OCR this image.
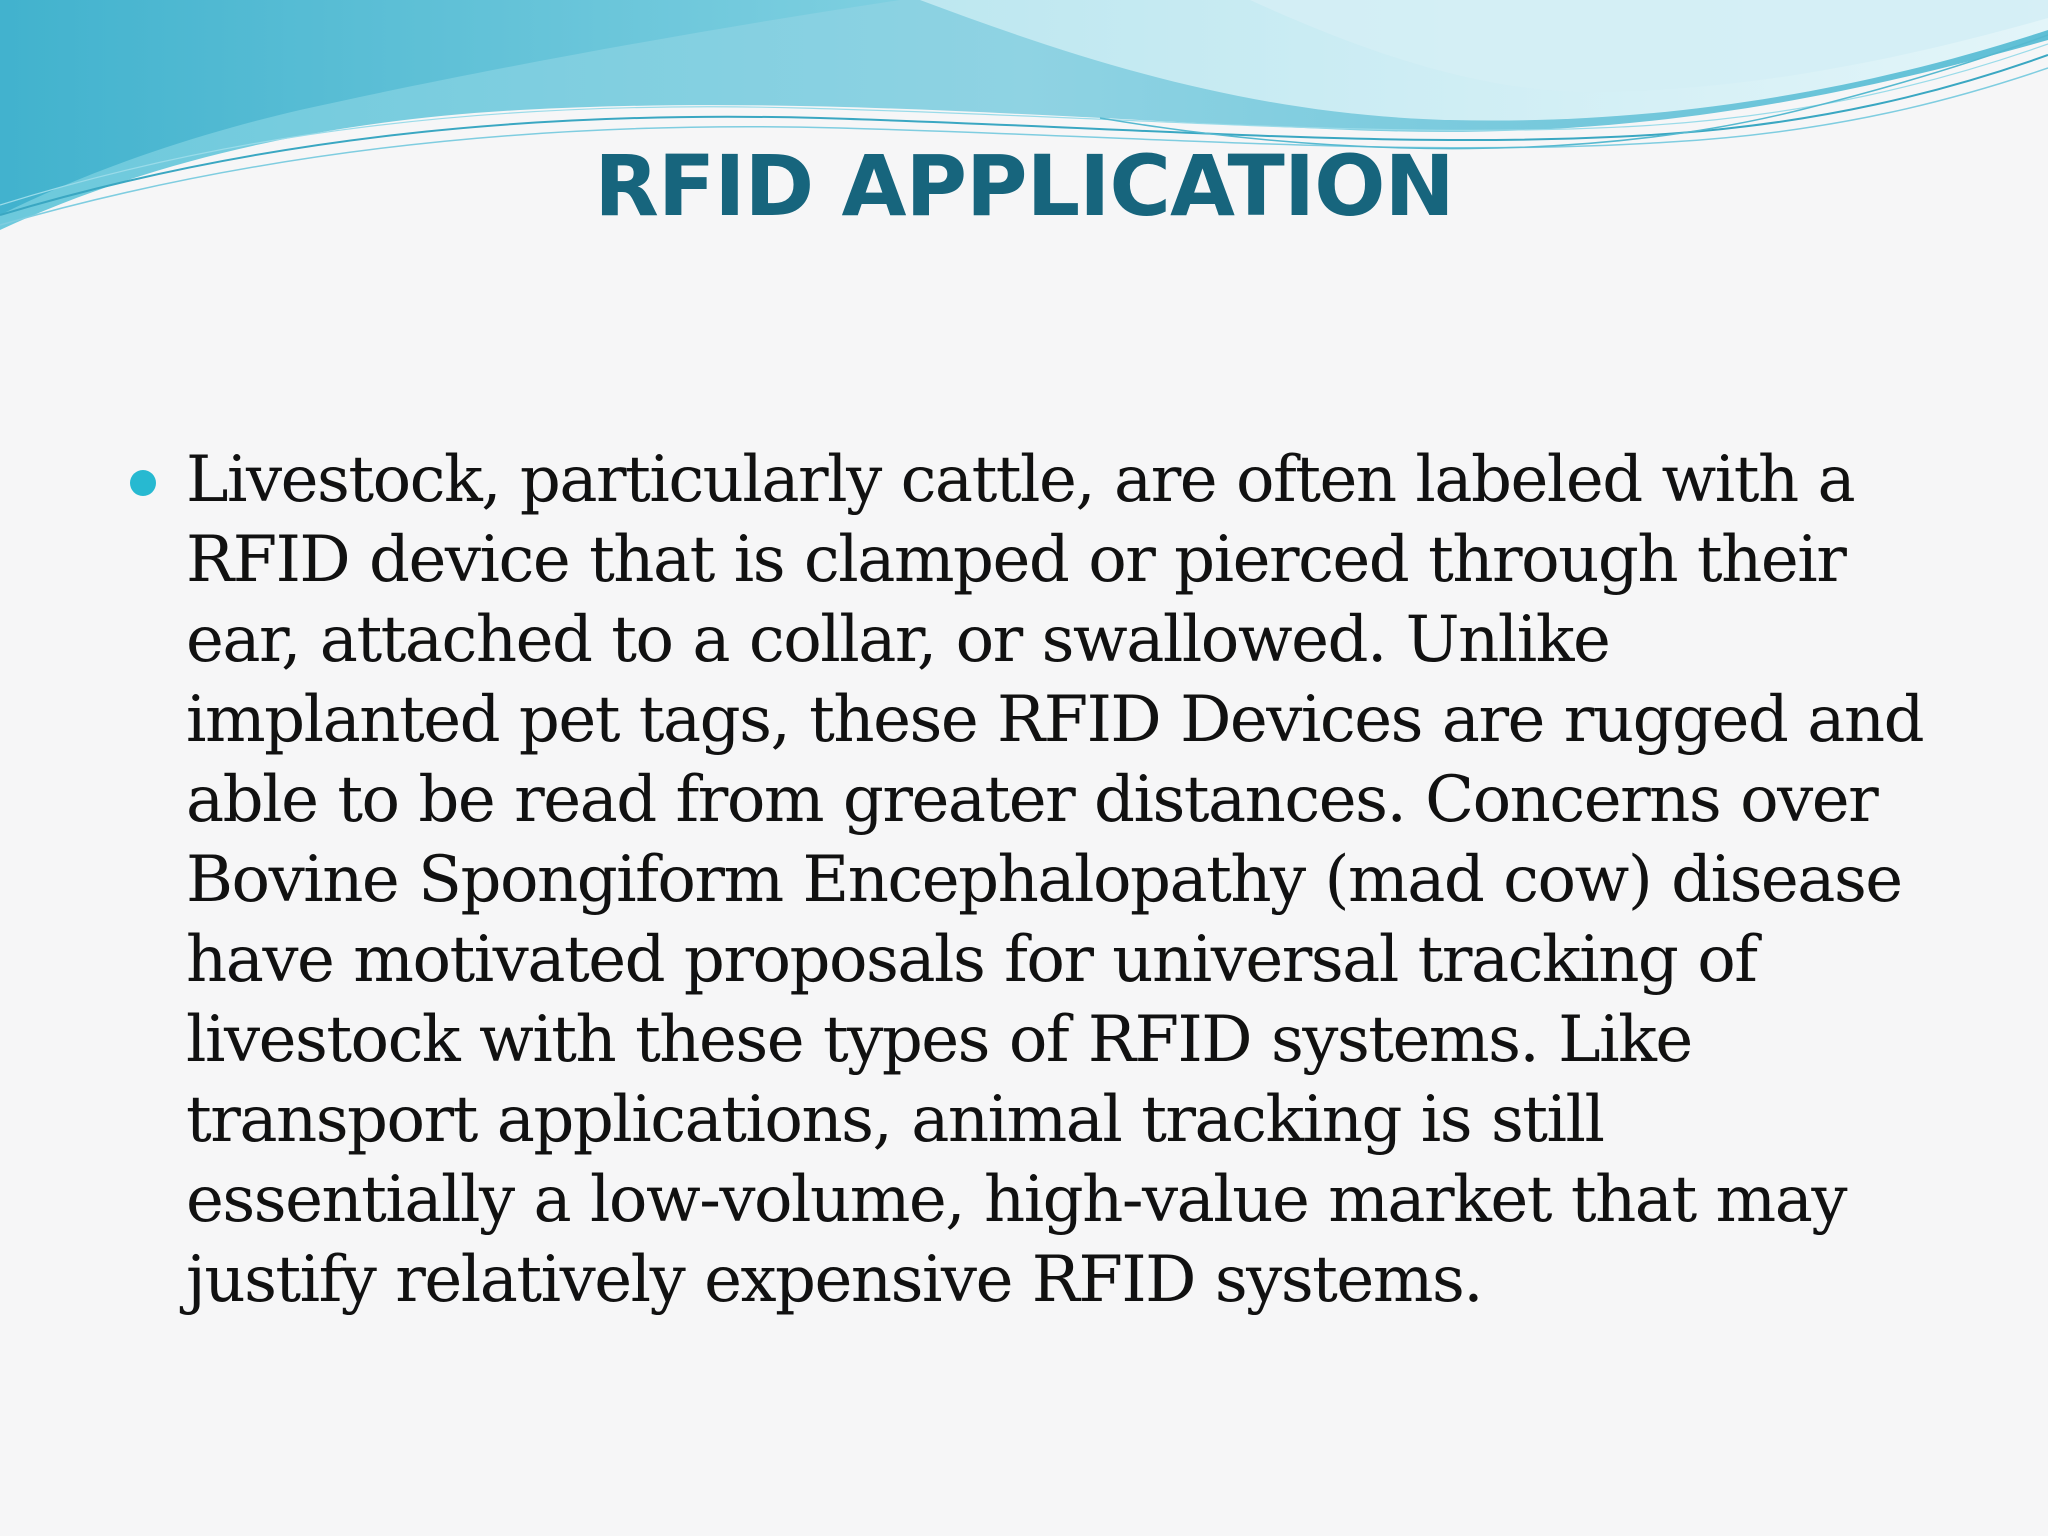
RFID APPLICATION

Livestock, particularly cattle, are often labeled with a RFID device that is clamped or pierced through their ear, attached to a collar, or swallowed. Unlike implanted pet tags, these RFID Devices are rugged and able to be read from greater distances. Concerns over Bovine Spongiform Encephalopathy (mad cow) disease have motivated proposals for universal tracking of livestock with these types of RFID systems. Like transport applications, animal tracking is still essentially a low-volume, high-value market that may justify relatively expensive RFID systems.
